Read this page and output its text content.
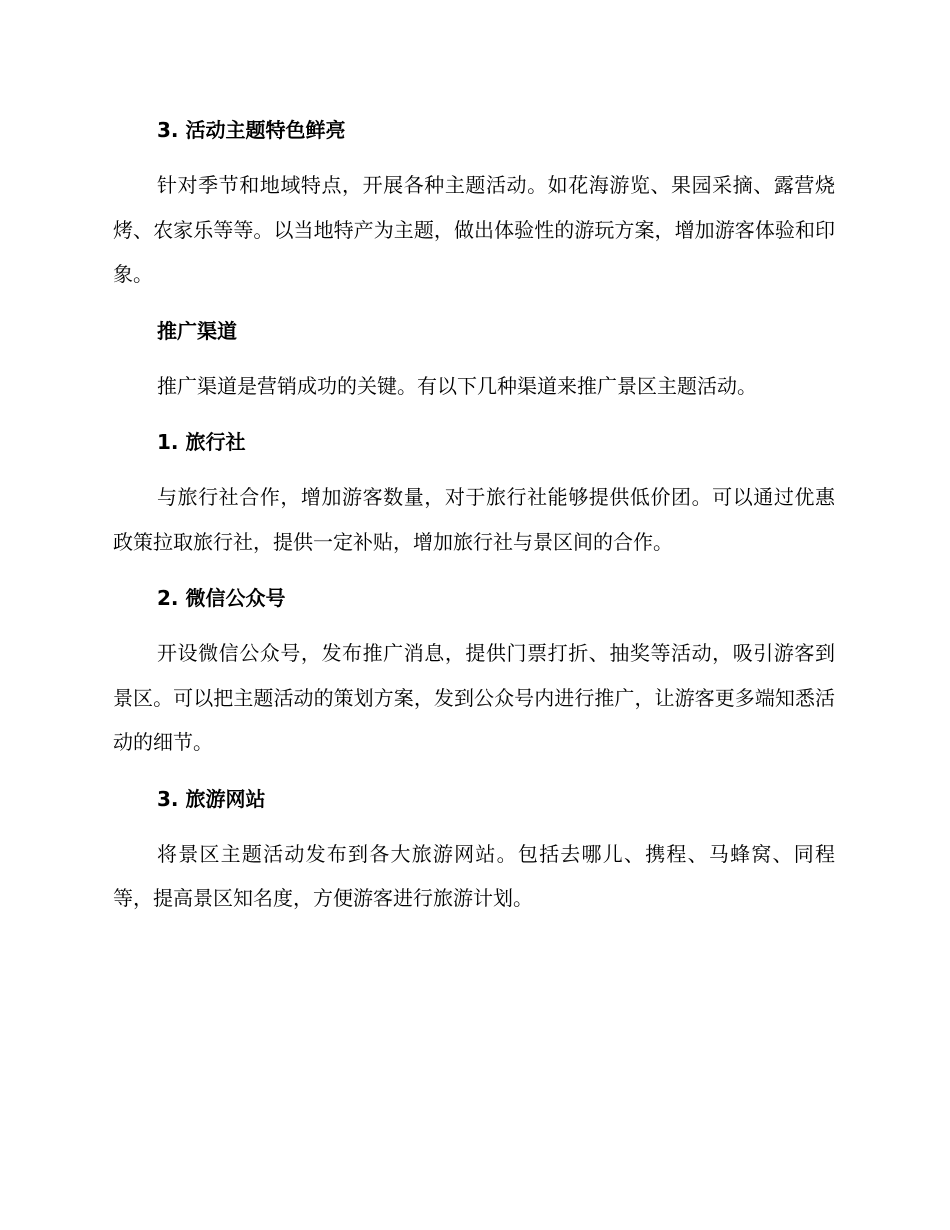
3. 活动主题特色鲜亮

针对季节和地域特点，开展各种主题活动。如花海游览、果园采摘、露营烧烤、农家乐等等。以当地特产为主题，做出体验性的游玩方案，增加游客体验和印象。

推广渠道

推广渠道是营销成功的关键。有以下几种渠道来推广景区主题活动。

1. 旅行社

与旅行社合作，增加游客数量，对于旅行社能够提供低价团。可以通过优惠政策拉取旅行社，提供一定补贴，增加旅行社与景区间的合作。

2. 微信公众号

开设微信公众号，发布推广消息，提供门票打折、抽奖等活动，吸引游客到景区。可以把主题活动的策划方案，发到公众号内进行推广，让游客更多端知悉活动的细节。

3. 旅游网站

将景区主题活动发布到各大旅游网站。包括去哪儿、携程、马蜂窝、同程等，提高景区知名度，方便游客进行旅游计划。
